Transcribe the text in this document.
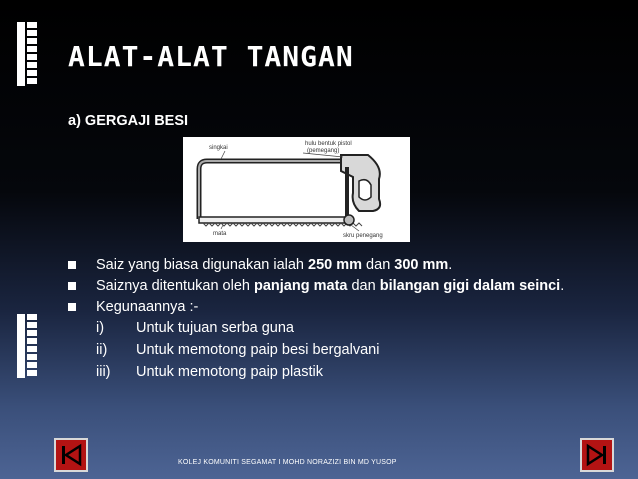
ALAT-ALAT TANGAN
a) GERGAJI BESI
singkai
hulu bentuk pistol
(pemegang)
mata	skru penegang
Saiz yang biasa digunakan ialah 250 mm dan 300 mm.
Saiznya ditentukan oleh panjang mata dan bilangan gigi dalam seinci.
Kegunaannya :-
i) Untuk tujuan serba guna
ii) Untuk memotong paip besi bergalvani
iii) Untuk memotong paip plastik
KOLEJ KOMUNITI SEGAMAT I MOHD NORAZIZI BIN MD YUSOP
